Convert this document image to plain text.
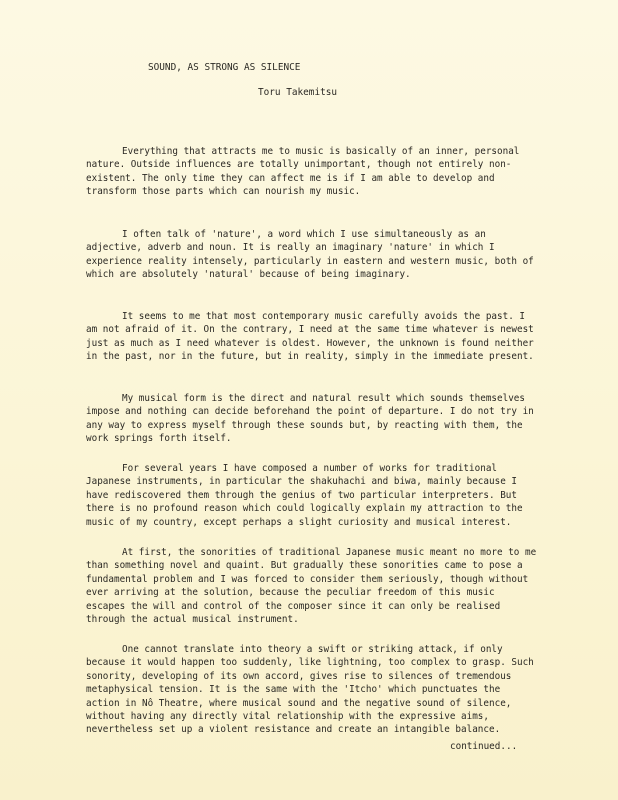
SOUND, AS STRONG AS SILENCE
Toru Takemitsu

Everything that attracts me to music is basically of an inner, personal nature. Outside influences are totally unimportant, though not entirely non-existent. The only time they can affect me is if I am able to develop and transform those parts which can nourish my music.

I often talk of 'nature', a word which I use simultaneously as an adjective, adverb and noun. It is really an imaginary 'nature' in which I experience reality intensely, particularly in eastern and western music, both of which are absolutely 'natural' because of being imaginary.

It seems to me that most contemporary music carefully avoids the past. I am not afraid of it. On the contrary, I need at the same time whatever is newest just as much as I need whatever is oldest. However, the unknown is found neither in the past, nor in the future, but in reality, simply in the immediate present.

My musical form is the direct and natural result which sounds themselves impose and nothing can decide beforehand the point of departure. I do not try in any way to express myself through these sounds but, by reacting with them, the work springs forth itself.

For several years I have composed a number of works for traditional Japanese instruments, in particular the shakuhachi and biwa, mainly because I have rediscovered them through the genius of two particular interpreters. But there is no profound reason which could logically explain my attraction to the music of my country, except perhaps a slight curiosity and musical interest.

At first, the sonorities of traditional Japanese music meant no more to me than something novel and quaint. But gradually these sonorities came to pose a fundamental problem and I was forced to consider them seriously, though without ever arriving at the solution, because the peculiar freedom of this music escapes the will and control of the composer since it can only be realised through the actual musical instrument.

One cannot translate into theory a swift or striking attack, if only because it would happen too suddenly, like lightning, too complex to grasp. Such sonority, developing of its own accord, gives rise to silences of tremendous metaphysical tension. It is the same with the 'Itcho' which punctuates the action in Nô Theatre, where musical sound and the negative sound of silence, without having any directly vital relationship with the expressive aims, nevertheless set up a violent resistance and create an intangible balance.

continued...
